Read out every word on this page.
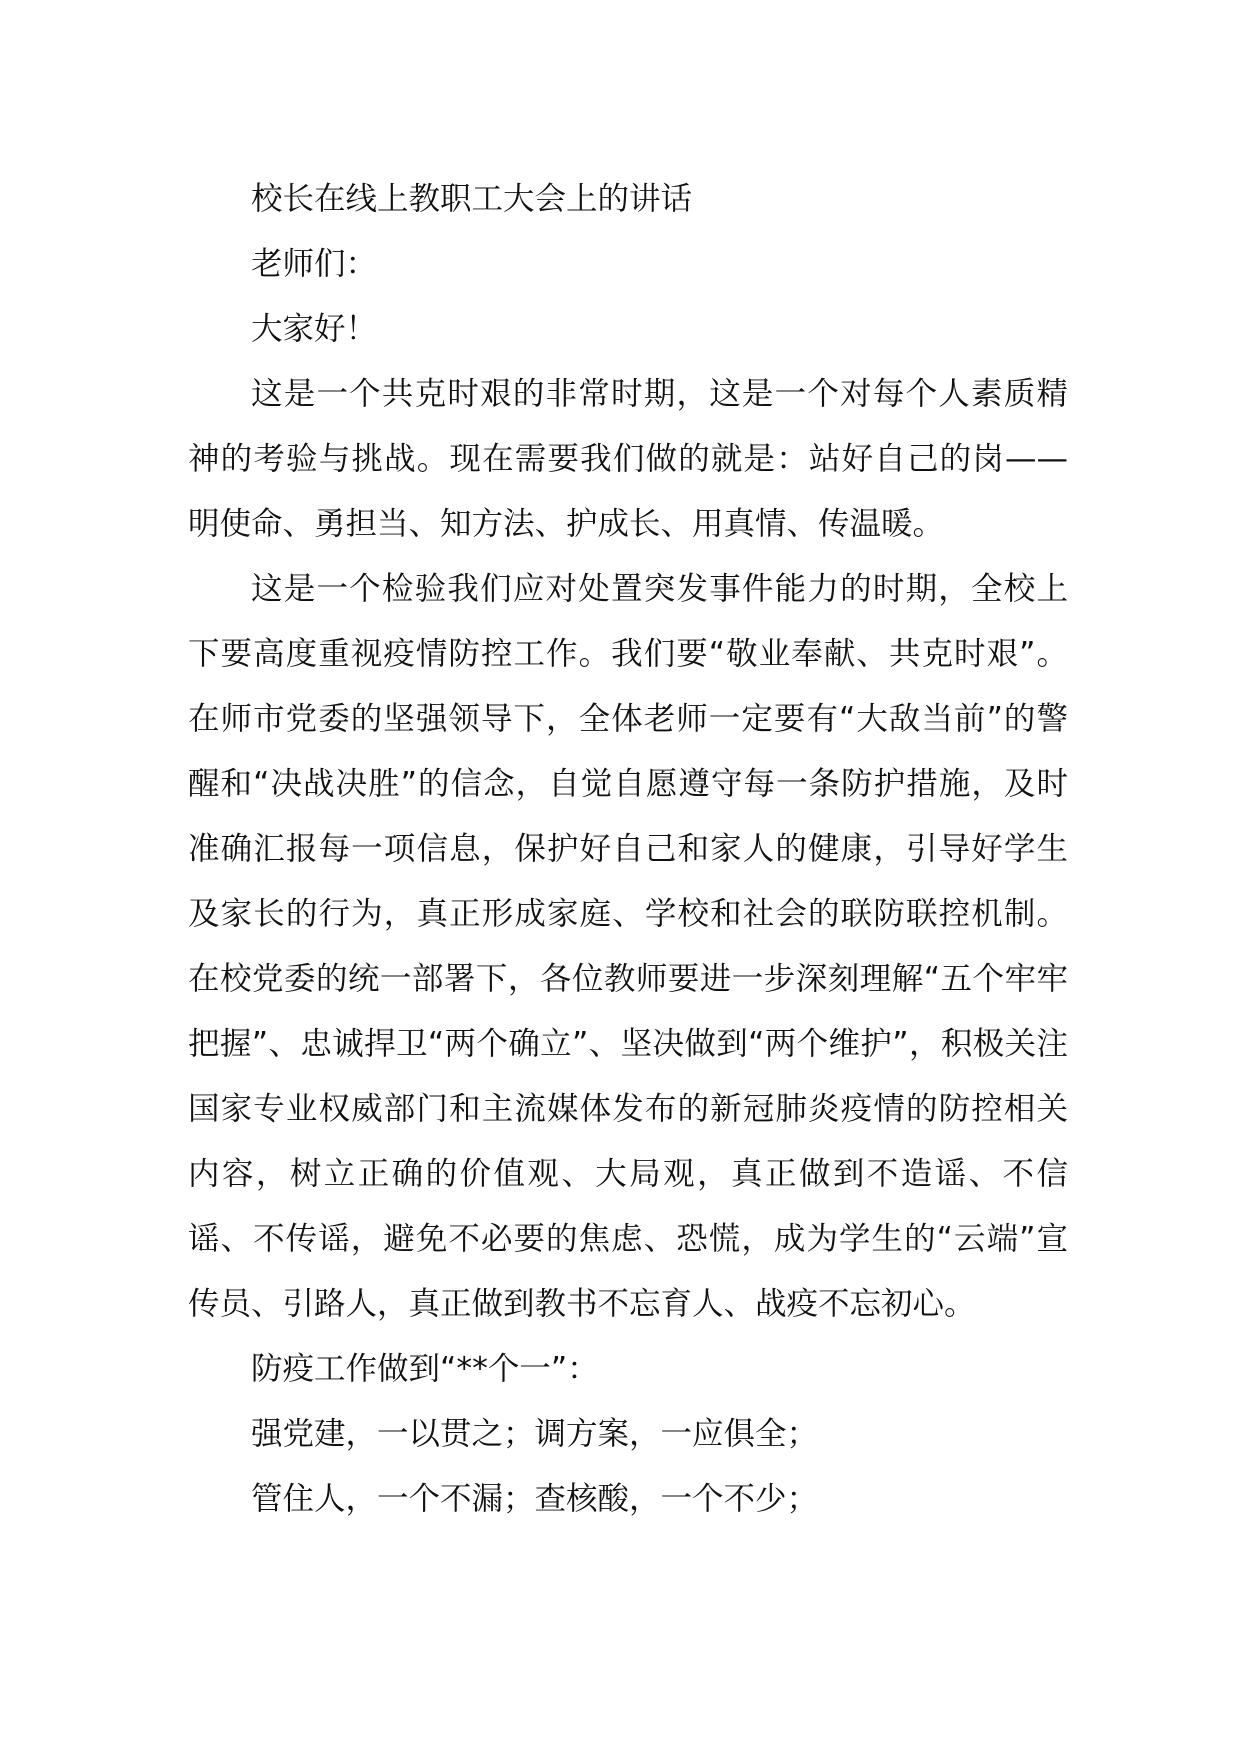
校长在线上教职工大会上的讲话

老师们：

大家好！

这是一个共克时艰的非常时期，这是一个对每个人素质精神的考验与挑战。现在需要我们做的就是：站好自己的岗——明使命、勇担当、知方法、护成长、用真情、传温暖。

这是一个检验我们应对处置突发事件能力的时期，全校上下要高度重视疫情防控工作。我们要“敬业奉献、共克时艰”。在师市党委的坚强领导下，全体老师一定要有“大敌当前”的警醒和“决战决胜”的信念，自觉自愿遵守每一条防护措施，及时准确汇报每一项信息，保护好自己和家人的健康，引导好学生及家长的行为，真正形成家庭、学校和社会的联防联控机制。在校党委的统一部署下，各位教师要进一步深刻理解“五个牢牢把握”、忠诚捍卫“两个确立”、坚决做到“两个维护”，积极关注国家专业权威部门和主流媒体发布的新冠肺炎疫情的防控相关内容，树立正确的价值观、大局观，真正做到不造谣、不信谣、不传谣，避免不必要的焦虑、恐慌，成为学生的“云端”宣传员、引路人，真正做到教书不忘育人、战疫不忘初心。

防疫工作做到“**个一”：

强党建，一以贯之；调方案，一应俱全；

管住人，一个不漏；查核酸，一个不少；
